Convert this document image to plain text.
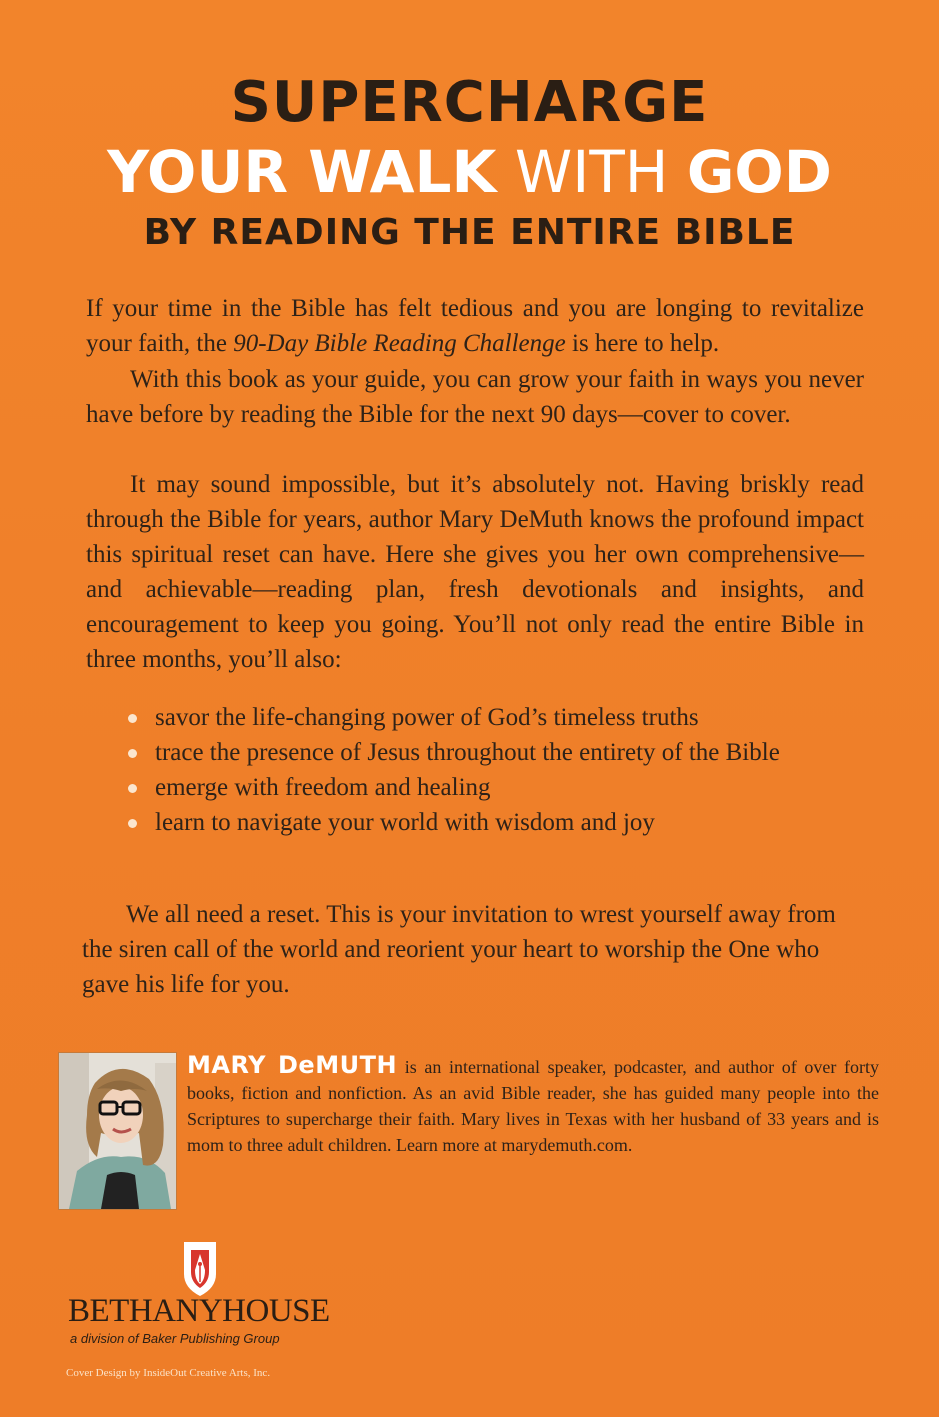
SUPERCHARGE
YOUR WALK WITH GOD
BY READING THE ENTIRE BIBLE

If your time in the Bible has felt tedious and you are longing to revitalize your faith, the 90-Day Bible Reading Challenge is here to help.

With this book as your guide, you can grow your faith in ways you never have before by reading the Bible for the next 90 days—cover to cover.

It may sound impossible, but it’s absolutely not. Having briskly read through the Bible for years, author Mary DeMuth knows the profound impact this spiritual reset can have. Here she gives you her own comprehensive—and achievable—reading plan, fresh devotionals and insights, and encouragement to keep you going. You’ll not only read the entire Bible in three months, you’ll also:

savor the life-changing power of God’s timeless truths
trace the presence of Jesus throughout the entirety of the Bible
emerge with freedom and healing
learn to navigate your world with wisdom and joy

We all need a reset. This is your invitation to wrest yourself away from the siren call of the world and reorient your heart to worship the One who gave his life for you.

MARY DeMUTH is an international speaker, podcaster, and author of over forty books, fiction and nonfiction. As an avid Bible reader, she has guided many people into the Scriptures to supercharge their faith. Mary lives in Texas with her husband of 33 years and is mom to three adult children. Learn more at marydemuth.com.

BETHANYHOUSE
a division of Baker Publishing Group
Cover Design by InsideOut Creative Arts, Inc.
